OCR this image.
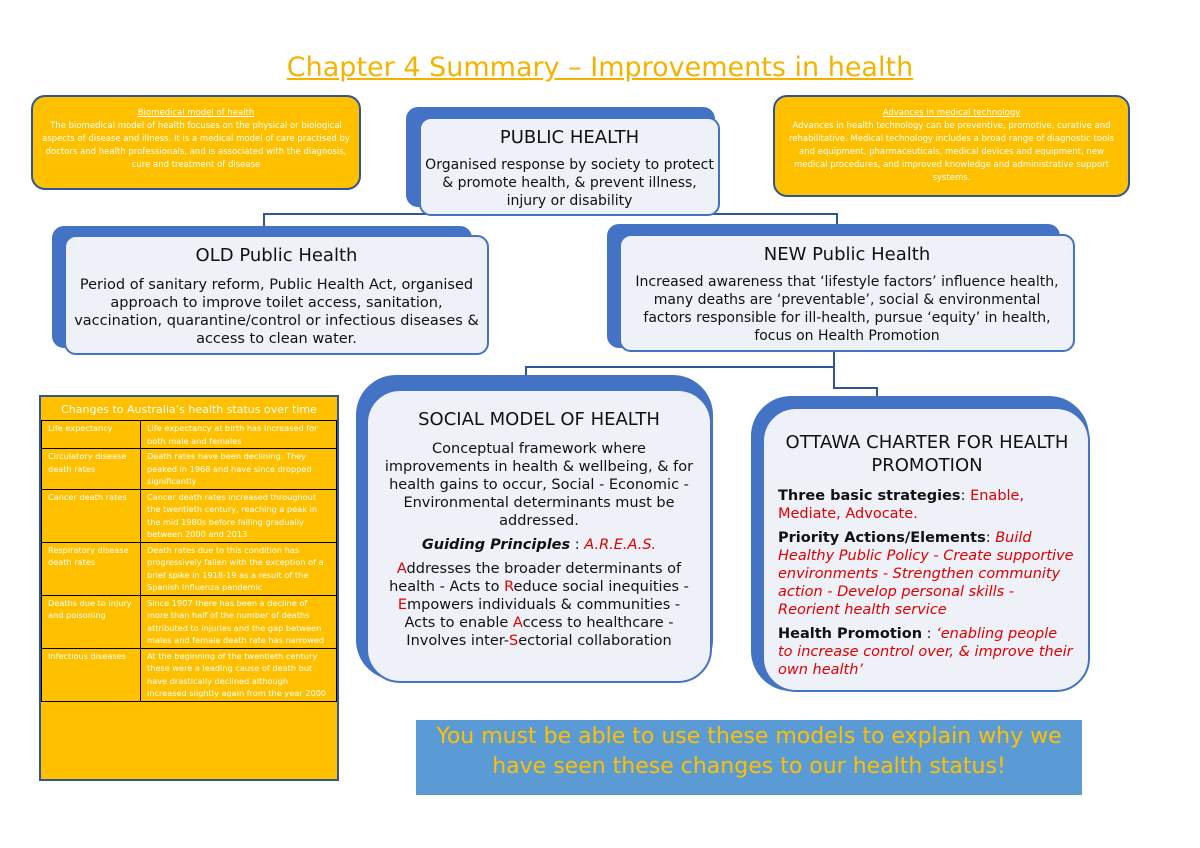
Chapter 4 Summary – Improvements in health
Biomedical model of health
The biomedical model of health focuses on the physical or biological aspects of disease and illness. It is a medical model of care practised by doctors and health professionals, and is associated with the diagnosis, cure and treatment of disease
Advances in medical technology
Advances in health technology can be preventive, promotive, curative and rehabilitative. Medical technology includes a broad range of diagnostic tools and equipment, pharmaceuticals, medical devices and equipment, new medical procedures, and improved knowledge and administrative support systems.
PUBLIC HEALTH

Organised response by society to protect & promote health, & prevent illness, injury or disability

OLD Public Health

Period of sanitary reform, Public Health Act, organised approach to improve toilet access, sanitation, vaccination, quarantine/control or infectious diseases & access to clean water.

NEW Public Health

Increased awareness that ‘lifestyle factors’ influence health, many deaths are ‘preventable’, social & environmental factors responsible for ill-health, pursue ‘equity’ in health, focus on Health Promotion

SOCIAL MODEL OF HEALTH

Conceptual framework where improvements in health & wellbeing, & for health gains to occur, Social - Economic - Environmental determinants must be addressed.

Guiding Principles : A.R.E.A.S.

Addresses the broader determinants of health - Acts to Reduce social inequities - Empowers individuals & communities - Acts to enable Access to healthcare - Involves inter-Sectorial collaboration

OTTAWA CHARTER FOR HEALTH PROMOTION

Three basic strategies: Enable, Mediate, Advocate.

Priority Actions/Elements: Build Healthy Public Policy - Create supportive environments - Strengthen community action - Develop personal skills - Reorient health service

Health Promotion : ‘enabling people to increase control over, & improve their own health’

Changes to Australia’s health status over time
Life expectancy	Life expectancy at birth has increased for both male and females
Circulatory disease death rates	Death rates have been declining. They peaked in 1968 and have since dropped significantly
Cancer death rates	Cancer death rates increased throughout the twentieth century, reaching a peak in the mid 1980s before falling gradually between 2000 and 2013
Respiratory disease death rates	Death rates due to this condition has progressively fallen with the exception of a brief spike in 1918-19 as a result of the Spanish Influenza pandemic
Deaths due to injury and poisoning	Since 1907 there has been a decline of more than half of the number of deaths attributed to injuries and the gap between males and female death rate has narrowed
Infectious diseases	At the beginning of the twentieth century these were a leading cause of death but have drastically declined although increased slightly again from the year 2000
You must be able to use these models to explain why we have seen these changes to our health status!
